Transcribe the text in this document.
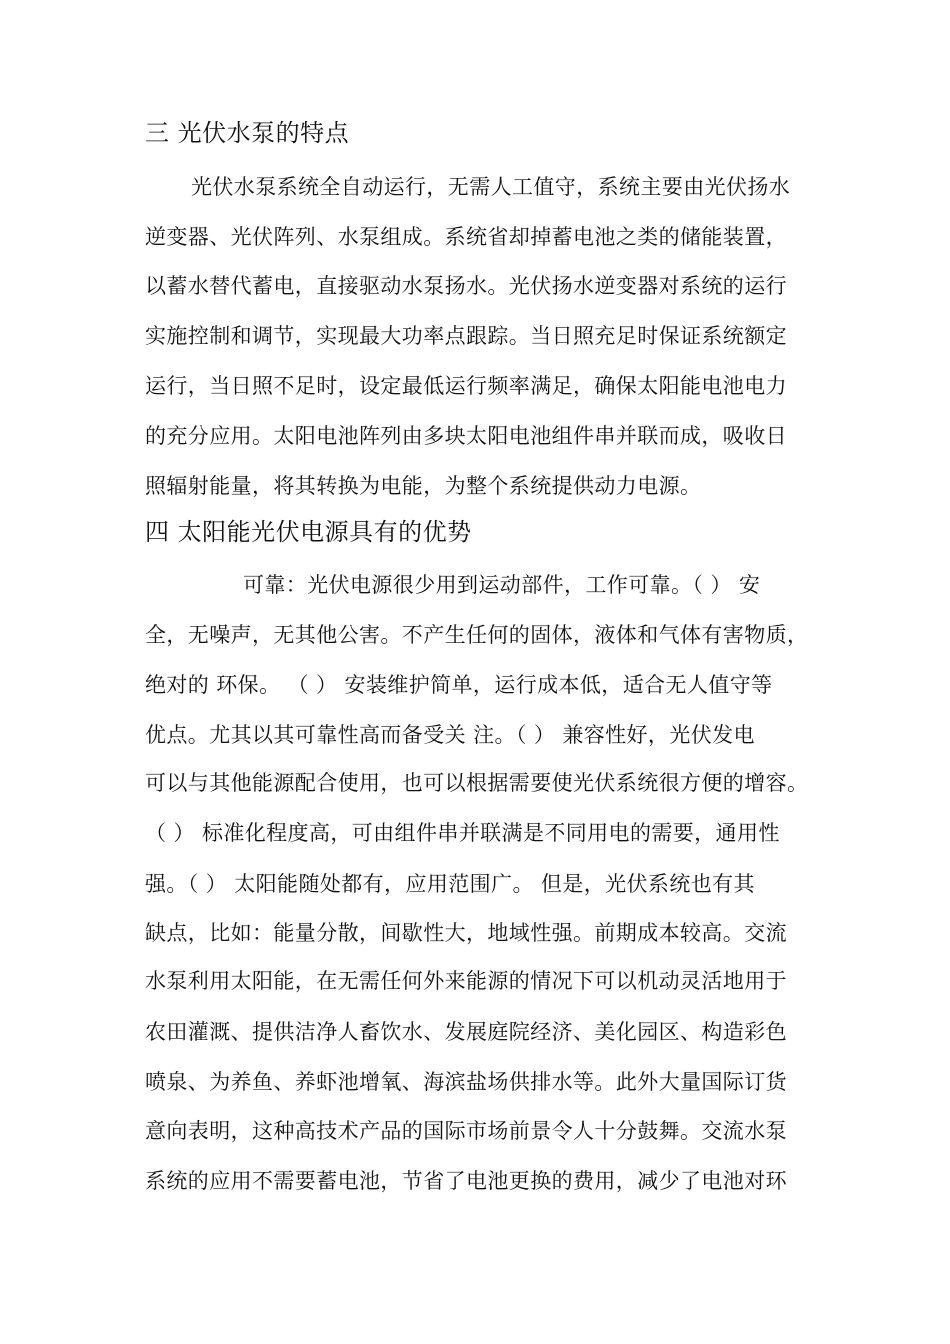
三 光伏水泵的特点
光伏水泵系统全自动运行，无需人工值守，系统主要由光伏扬水
逆变器、光伏阵列、水泵组成。系统省却掉蓄电池之类的储能装置，
以蓄水替代蓄电，直接驱动水泵扬水。光伏扬水逆变器对系统的运行
实施控制和调节，实现最大功率点跟踪。当日照充足时保证系统额定
运行，当日照不足时，设定最低运行频率满足，确保太阳能电池电力
的充分应用。太阳电池阵列由多块太阳电池组件串并联而成，吸收日
照辐射能量，将其转换为电能，为整个系统提供动力电源。
四 太阳能光伏电源具有的优势
可靠：光伏电源很少用到运动部件，工作可靠。（ ） 安
全，无噪声，无其他公害。不产生任何的固体，液体和气体有害物质，
绝对的 环保。 （ ） 安装维护简单，运行成本低，适合无人值守等
优点。尤其以其可靠性高而备受关 注。（ ） 兼容性好，光伏发电
可以与其他能源配合使用，也可以根据需要使光伏系统很方便的增容。
（ ） 标准化程度高，可由组件串并联满是不同用电的需要，通用性
强。（ ） 太阳能随处都有，应用范围广。 但是，光伏系统也有其
缺点，比如：能量分散，间歇性大，地域性强。前期成本较高。交流
水泵利用太阳能，在无需任何外来能源的情况下可以机动灵活地用于
农田灌溉、提供洁净人畜饮水、发展庭院经济、美化园区、构造彩色
喷泉、为养鱼、养虾池增氧、海滨盐场供排水等。此外大量国际订货
意向表明，这种高技术产品的国际市场前景令人十分鼓舞。交流水泵
系统的应用不需要蓄电池，节省了电池更换的费用，减少了电池对环
